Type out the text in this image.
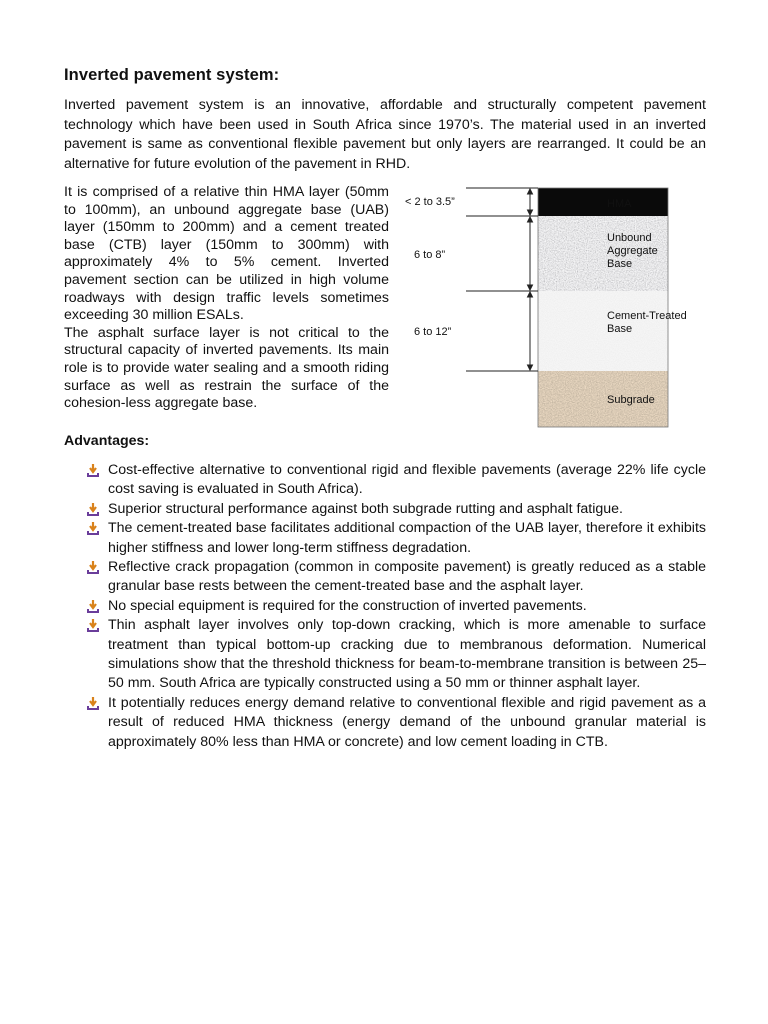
Inverted pavement system:

Inverted pavement system is an innovative, affordable and structurally competent pavement technology which have been used in South Africa since 1970’s. The material used in an inverted pavement is same as conventional flexible pavement but only layers are rearranged. It could be an alternative for future evolution of the pavement in RHD.

It is comprised of a relative thin HMA layer (50mm to 100mm), an unbound aggregate base (UAB) layer (150mm to 200mm) and a cement treated base (CTB) layer (150mm to 300mm) with approximately 4% to 5% cement. Inverted pavement section can be utilized in high volume roadways with design traffic levels sometimes exceeding 30 million ESALs.

The asphalt surface layer is not critical to the structural capacity of inverted pavements. Its main role is to provide water sealing and a smooth riding surface as well as restrain the surface of the cohesion-less aggregate base.

< 2 to 3.5”
6 to 8”
6 to 12”
HMA
Unbound Aggregate Base
Cement-Treated Base
Subgrade
Advantages:
Cost-effective alternative to conventional rigid and flexible pavements (average 22% life cycle cost saving is evaluated in South Africa).
Superior structural performance against both subgrade rutting and asphalt fatigue.
The cement-treated base facilitates additional compaction of the UAB layer, therefore it exhibits higher stiffness and lower long-term stiffness degradation.
Reflective crack propagation (common in composite pavement) is greatly reduced as a stable granular base rests between the cement-treated base and the asphalt layer.
No special equipment is required for the construction of inverted pavements.
Thin asphalt layer involves only top-down cracking, which is more amenable to surface treatment than typical bottom-up cracking due to membranous deformation. Numerical simulations show that the threshold thickness for beam-to-membrane transition is between 25–50 mm. South Africa are typically constructed using a 50 mm or thinner asphalt layer.
It potentially reduces energy demand relative to conventional flexible and rigid pavement as a result of reduced HMA thickness (energy demand of the unbound granular material is approximately 80% less than HMA or concrete) and low cement loading in CTB.
